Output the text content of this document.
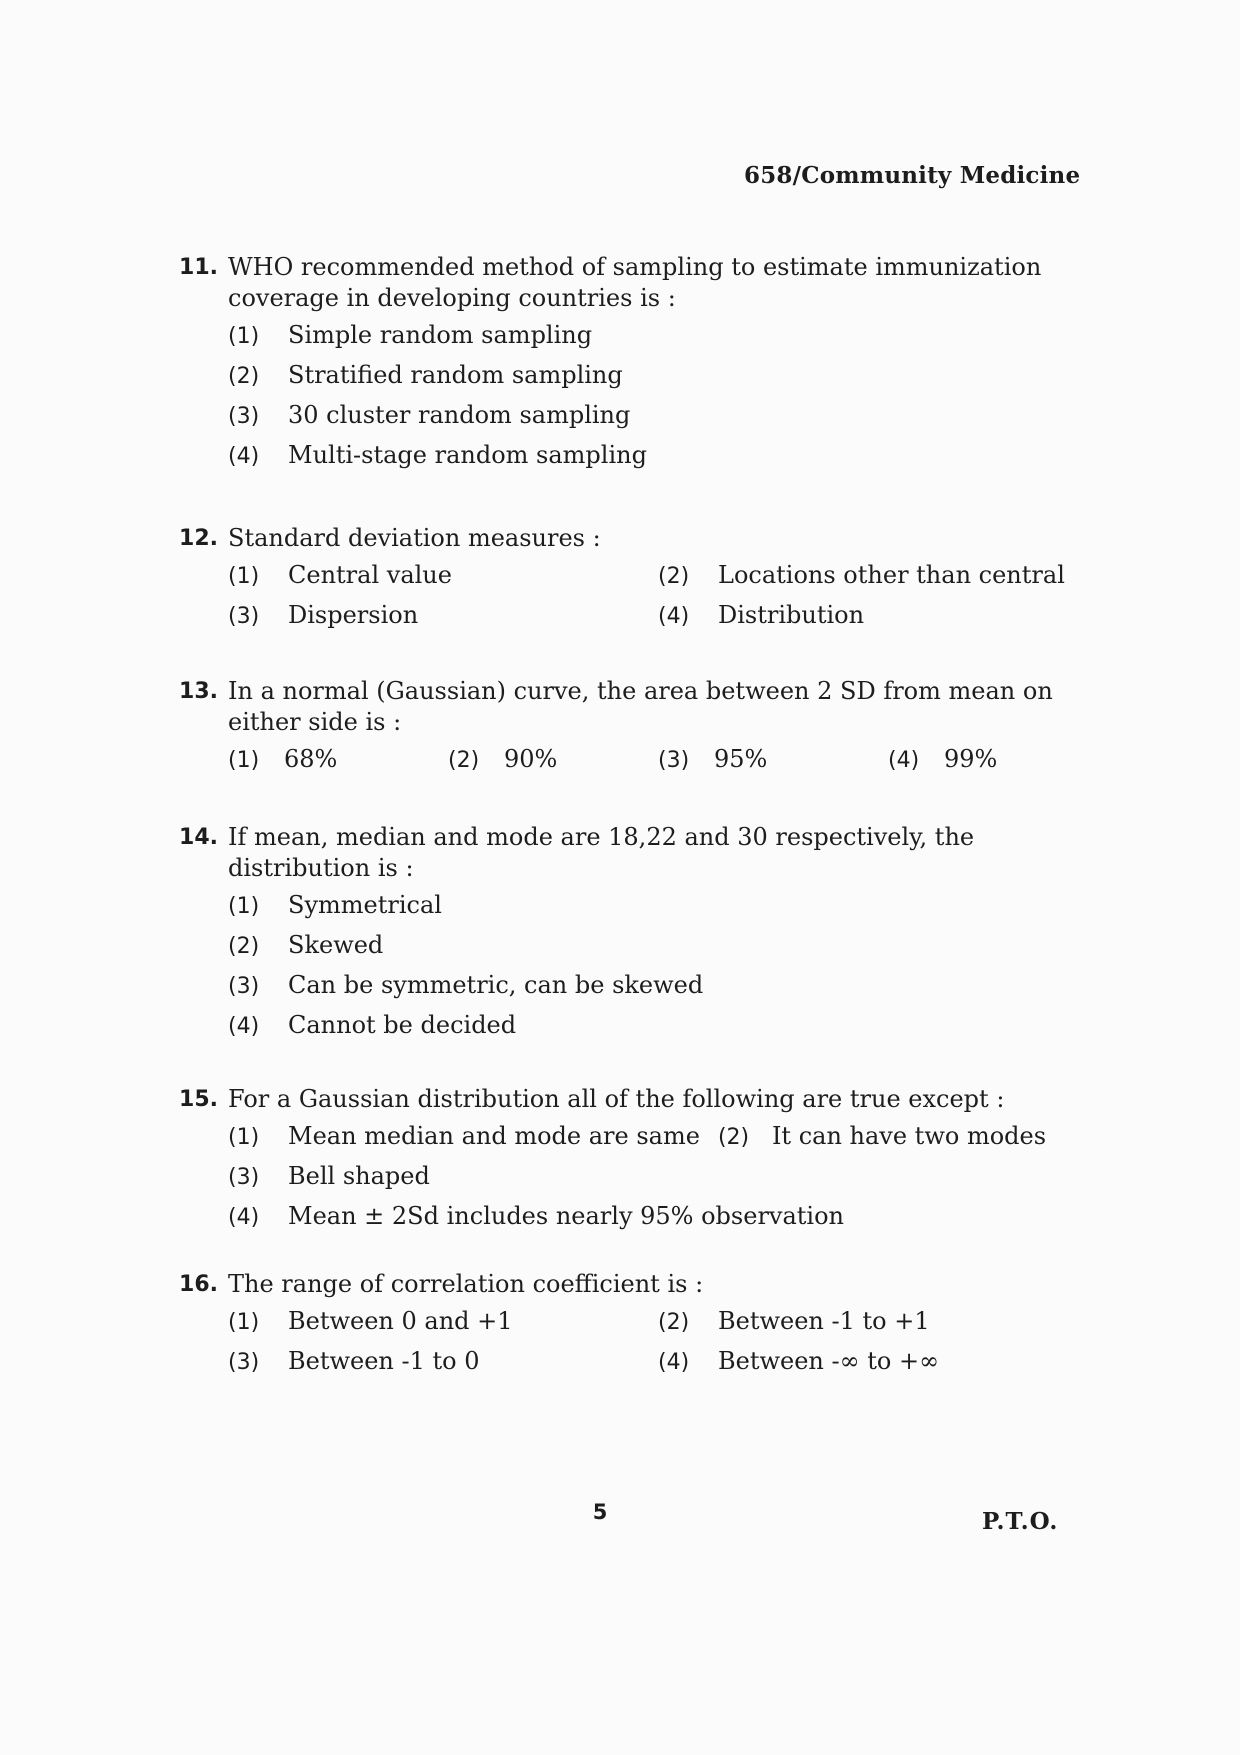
658/Community Medicine
11. WHO recommended method of sampling to estimate immunization coverage in developing countries is :
(1)	Simple random sampling
(2)	Stratified random sampling
(3)	30 cluster random sampling
(4)	Multi-stage random sampling
12. Standard deviation measures :
(1)	Central value	(2)	Locations other than central
(3)	Dispersion	(4)	Distribution
13. In a normal (Gaussian) curve, the area between 2 SD from mean on either side is :
(1)	68%	(2)	90%	(3)	95%	(4)	99%
14. If mean, median and mode are 18,22 and 30 respectively, the distribution is :
(1)	Symmetrical
(2)	Skewed
(3)	Can be symmetric, can be skewed
(4)	Cannot be decided
15. For a Gaussian distribution all of the following are true except :
(1)	Mean median and mode are same (2) It can have two modes
(3)	Bell shaped
(4)	Mean ± 2Sd includes nearly 95% observation
16. The range of correlation coefficient is :
(1)	Between 0 and +1	(2)	Between -1 to +1
(3)	Between -1 to 0	(4)	Between -∞ to +∞
5	P.T.O.
